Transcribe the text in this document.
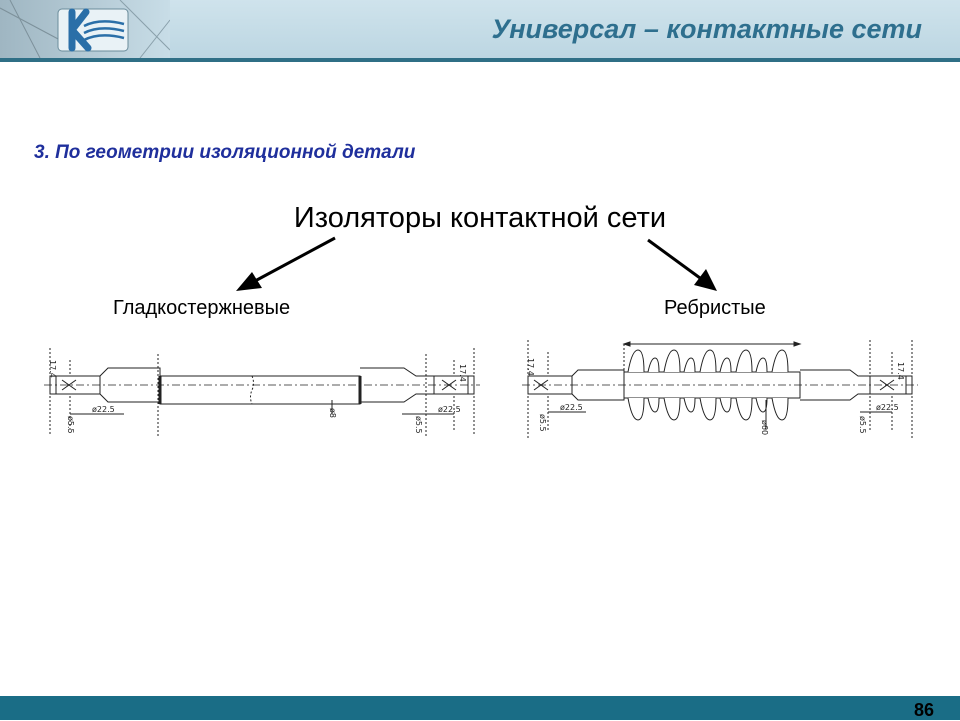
Универсал – контактные сети
3. По геометрии изоляционной детали
Изоляторы контактной сети
Гладкостержневые	Ребристые
17.4
ø22.5
ø5.5
ø8	ø22.5
ø5.5
17.4	17.4
ø22.5
ø5.5	ø60
ø22.5
ø5.5
17.4
86
